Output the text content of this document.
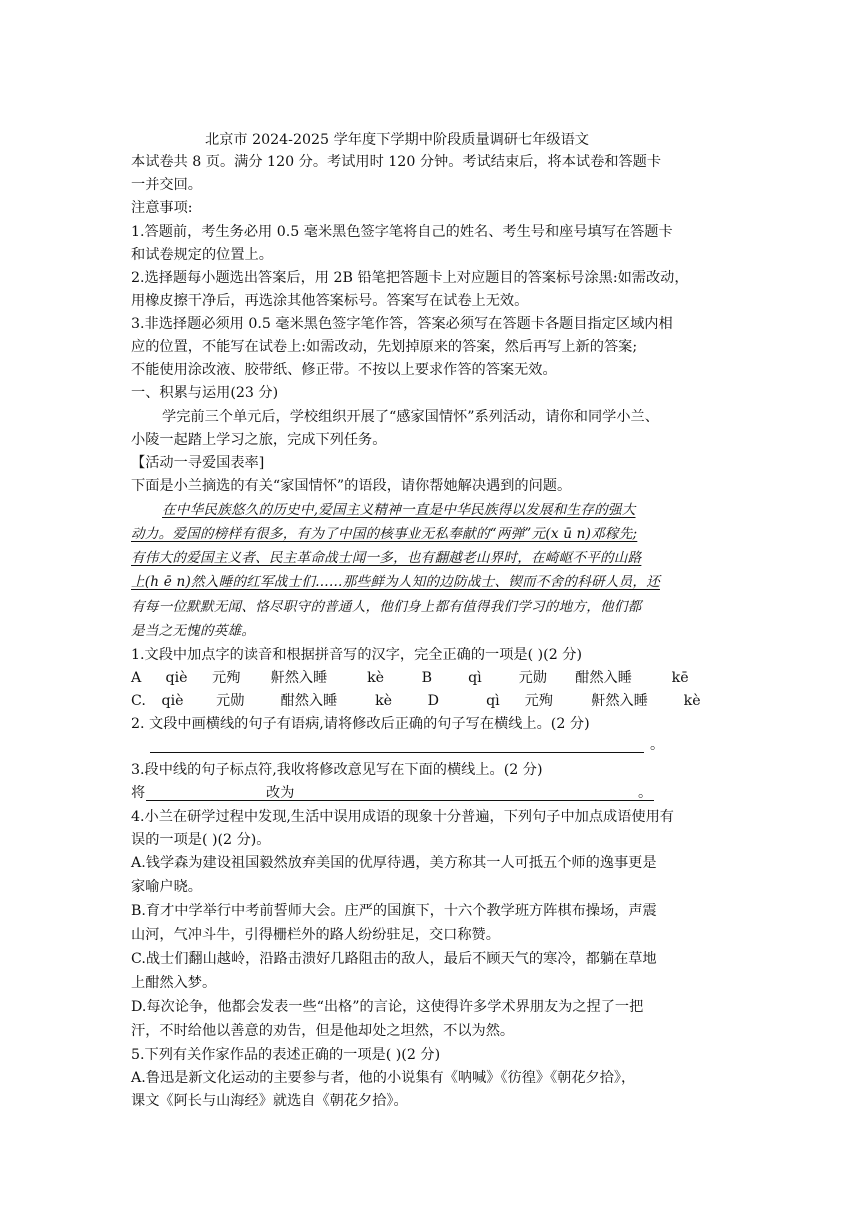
北京市 2024-2025 学年度下学期中阶段质量调研七年级语文
本试卷共 8 页。满分 120 分。考试用时 120 分钟。考试结束后，将本试卷和答题卡
一并交回。
注意事项:
1.答题前，考生务必用 0.5 毫米黑色签字笔将自己的姓名、考生号和座号填写在答题卡
和试卷规定的位置上。
2.选择题每小题选出答案后，用 2B 铅笔把答题卡上对应题目的答案标号涂黑:如需改动，
用橡皮擦干净后，再选涂其他答案标号。答案写在试卷上无效。
3.非选择题必须用 0.5 毫米黑色签字笔作答，答案必须写在答题卡各题目指定区域内相
应的位置，不能写在试卷上:如需改动，先划掉原来的答案，然后再写上新的答案;
不能使用涂改液、胶带纸、修正带。不按以上要求作答的答案无效。
一、积累与运用(23 分)
学完前三个单元后，学校组织开展了“感家国情怀”系列活动，请你和同学小兰、
小陵一起踏上学习之旅，完成下列任务。
【活动一寻爱国表率]
下面是小兰摘选的有关“家国情怀”的语段，请你帮她解决遇到的问题。
在中华民族悠久的历史中,爱国主义精神一直是中华民族得以发展和生存的强大
动力。爱国的榜样有很多，有为了中国的核事业无私奉献的“两弹”元(x ū n)邓稼先;
有伟大的爱国主义者、民主革命战士闻一多，也有翻越老山界时，在崎岖不平的山路
上(h ē n)然入睡的红军战士们……那些鲜为人知的边防战士、锲而不舍的科研人员，还
有每一位默默无闻、恪尽职守的普通人，他们身上都有值得我们学习的地方，他们都
是当之无愧的英雄。
1.文段中加点字的读音和根据拼音写的汉字，完全正确的一项是( )(2 分)
A qiè 元殉 鼾然入睡	kè	B	qì	元勋 酣然入睡	kē
C. qiè 元勋	酣然入睡	kè	D	qì 元殉	鼾然入睡	kè
2. 文段中画横线的句子有语病,请将修改后正确的句子写在横线上。(2 分)
。
3.段中线的句子标点符,我收将修改意见写在下面的横线上。(2 分)
将	改为	。
4.小兰在研学过程中发现,生活中误用成语的现象十分普遍，下列句子中加点成语使用有
误的一项是( )(2 分)。
A.钱学森为建设祖国毅然放弃美国的优厚待遇，美方称其一人可抵五个师的逸事更是
家喻户晓。
B.育才中学举行中考前誓师大会。庄严的国旗下，十六个教学班方阵棋布操场，声震
山河，气冲斗牛，引得栅栏外的路人纷纷驻足，交口称赞。
C.战士们翻山越岭，沿路击溃好几路阻击的敌人，最后不顾天气的寒冷，都躺在草地
上酣然入梦。
D.每次论争，他都会发表一些“出格”的言论，这使得许多学术界朋友为之捏了一把
汗，不时给他以善意的劝告，但是他却处之坦然，不以为然。
5.下列有关作家作品的表述正确的一项是( )(2 分)
A.鲁迅是新文化运动的主要参与者，他的小说集有《呐喊》《彷徨》《朝花夕拾》，
课文《阿长与山海经》就选自《朝花夕拾》。
